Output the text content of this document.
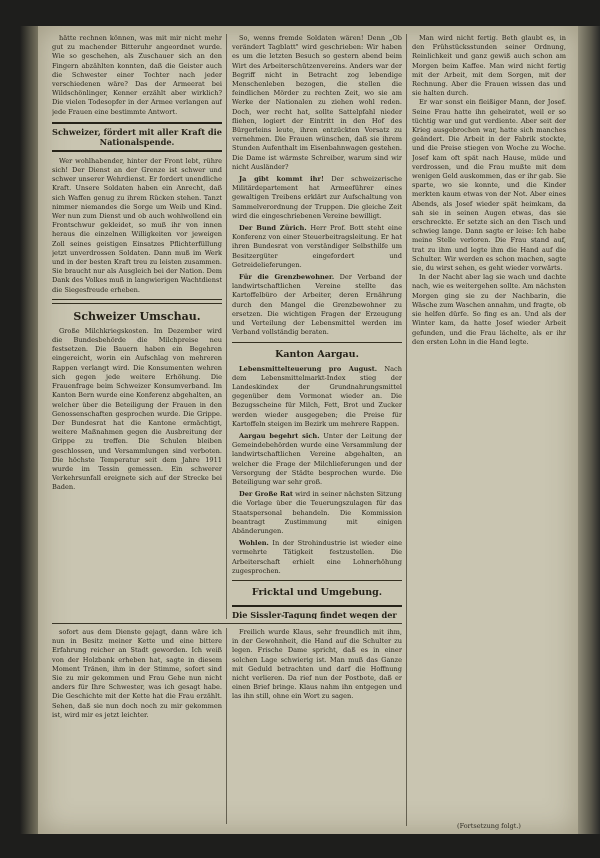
hätte rechnen können, was mit mir nicht mehr gut zu machender Bitteruhr angeordnet wurde. Wie so geschehen, als Zuschauer sich an den Fingern abzählten konnten, daß die Geister auch die Schwester einer Tochter nach jeder verschiedenen wäre? Das der Armeerat bei Wildschönlinger, Kenner erzählt aber wirklich? Die vielen Todesopfer in der Armee verlangen auf jede Frauen eine bestimmte Antwort.

Schweizer, fördert mit aller Kraft die Nationalspende.

Wer wohlhabender, hinter der Front lebt, rühre sich! Der Dienst an der Grenze ist schwer und schwer unserer Wehrdienst. Er fordert unendliche Kraft. Unsere Soldaten haben ein Anrecht, daß sich Waffen genug zu ihrem Rücken stehen. Tanzt nimmer niemandes die Sorge um Weib und Kind. Wer nun zum Dienst und ob auch wohlwollend ein Frontschwur gekleidet, so muß ihr von innen heraus die einzelnen Willigkeiten vor jeweigen Zoll seines geistigen Einsatzes Pflichterfüllung jetzt unverdrossen Soldaten. Dann muß im Werk und in der besten Kraft treu zu leisten zusammen. Sie braucht nur als Ausgleich bei der Nation. Dem Dank des Volkes muß in langwierigen Wachtdienst die Siegesfreude erheben.

Schweizer Umschau.

Große Milchkriegskosten. Im Dezember wird die Bundesbehörde die Milchpreise neu festsetzen. Die Bauern haben ein Begehren eingereicht, worin ein Aufschlag von mehreren Rappen verlangt wird. Die Konsumenten wehren sich gegen jede weitere Erhöhung. Die Frauenfrage beim Schweizer Konsumverband. Im Kanton Bern wurde eine Konferenz abgehalten, an welcher über die Beteiligung der Frauen in den Genossenschaften gesprochen wurde. Die Grippe. Der Bundesrat hat die Kantone ermächtigt, weitere Maßnahmen gegen die Ausbreitung der Grippe zu treffen. Die Schulen bleiben geschlossen, und Versammlungen sind verboten. Die höchste Temperatur seit dem Jahre 1911 wurde im Tessin gemessen. Ein schwerer Verkehrsunfall ereignete sich auf der Strecke bei Baden.

So, wenns fremde Soldaten wären! Denn „Ob verändert Tagblatt" wird geschrieben: Wir haben es um die letzten Besuch so gestern abend beim Wirt des Arbeiterschützenvereins. Anders war der Begriff nicht in Betracht zog lebendige Menschenleben bezogen, die stellen die feindlichen Mörder zu rechten Zeit, wo sie am Werke der Nationalen zu ziehen wohl reden. Doch, wer recht hat, sollte Sattelpfahl nieder fliehen, logiert der Eintritt in den Hof des Bürgerleins leute, ihren entzückten Vorsatz zu vernehmen. Die Frauen wünschen, daß sie ihrem Stunden Aufenthalt im Eisenbahnwagen gestehen. Die Dame ist wärmste Schreiber, warum sind wir nicht Ausländer?

Ja gibt kommt ihr! Der schweizerische Militärdepartement hat Armeeführer eines gewaltigen Treibens erklärt zur Aufschaltung von Sammelverordnung der Truppen. Die gleiche Zeit wird die eingeschriebenen Vereine bewilligt.

Der Bund Zürich. Herr Prof. Bott steht eine Konferenz von einer Steuerbeitragsleitung. Er hat ihren Bundesrat von verständiger Selbsthilfe um Besitzergüter eingefordert und Getreidelieferungen.

Für die Grenzbewohner. Der Verband der landwirtschaftlichen Vereine stellte das Kartoffelbüro der Arbeiter, deren Ernährung durch den Mangel die Grenzbewohner zu ersetzen. Die wichtigen Fragen der Erzeugung und Verteilung der Lebensmittel werden im Verband vollständig beraten.

Kanton Aargau.

Lebensmittelteuerung pro August. Nach dem Lebensmittelmarkt-Index stieg der Landeskindex der Grundnahrungsmittel gegenüber dem Vormonat wieder an. Die Bezugsscheine für Milch, Fett, Brot und Zucker werden wieder ausgegeben; die Preise für Kartoffeln steigen im Bezirk um mehrere Rappen.

Aargau begehrt sich. Unter der Leitung der Gemeindebehörden wurde eine Versammlung der landwirtschaftlichen Vereine abgehalten, an welcher die Frage der Milchlieferungen und der Versorgung der Städte besprochen wurde. Die Beteiligung war sehr groß.

Der Große Rat wird in seiner nächsten Sitzung die Vorlage über die Teuerungszulagen für das Staatspersonal behandeln. Die Kommission beantragt Zustimmung mit einigen Abänderungen.

Wohlen. In der Strohindustrie ist wieder eine vermehrte Tätigkeit festzustellen. Die Arbeiterschaft erhielt eine Lohnerhöhung zugesprochen.

Fricktal und Umgebung.
Die Sissler-Tagung findet wegen der

Man wird nicht fertig. Beth glaubt es, in den Frühstücksstunden seiner Ordnung, Reinlichkeit und ganz gewiß auch schon am Morgen beim Kaffee. Man wird nicht fertig mit der Arbeit, mit dem Sorgen, mit der Rechnung. Aber die Frauen wissen das und sie halten durch.

Er war sonst ein fleißiger Mann, der Josef. Seine Frau hatte ihn geheiratet, weil er so tüchtig war und gut verdiente. Aber seit der Krieg ausgebrochen war, hatte sich manches geändert. Die Arbeit in der Fabrik stockte, und die Preise stiegen von Woche zu Woche. Josef kam oft spät nach Hause, müde und verdrossen, und die Frau mußte mit dem wenigen Geld auskommen, das er ihr gab. Sie sparte, wo sie konnte, und die Kinder merkten kaum etwas von der Not. Aber eines Abends, als Josef wieder spät heimkam, da sah sie in seinen Augen etwas, das sie erschreckte. Er setzte sich an den Tisch und schwieg lange. Dann sagte er leise: Ich habe meine Stelle verloren. Die Frau stand auf, trat zu ihm und legte ihm die Hand auf die Schulter. Wir werden es schon machen, sagte sie, du wirst sehen, es geht wieder vorwärts.

In der Nacht aber lag sie wach und dachte nach, wie es weitergehen sollte. Am nächsten Morgen ging sie zu der Nachbarin, die Wäsche zum Waschen annahm, und fragte, ob sie helfen dürfe. So fing es an. Und als der Winter kam, da hatte Josef wieder Arbeit gefunden, und die Frau lächelte, als er ihr den ersten Lohn in die Hand legte.

sofort aus dem Dienste gejagt, dann wäre ich nun in Besitz meiner Kette und eine bittere Erfahrung reicher an Stadt geworden. Ich weiß von der Holzbank erheben hat, sagte in diesem Moment Tränen, ihm in der Stimme, sofort sind Sie zu mir gekommen und Frau Gehe nun nicht anders für Ihre Schwester, was ich gesagt habe. Die Geschichte mit der Kette hat die Frau erzählt. Sehen, daß sie nun doch noch zu mir gekommen ist, wird mir es jetzt leichter.

Freilich wurde Klaus, sehr freundlich mit ihm, in der Gewohnheit, die Hand auf die Schulter zu legen. Frische Dame spricht, daß es in einer solchen Lage schwierig ist. Man muß das Ganze mit Geduld betrachten und darf die Hoffnung nicht verlieren. Da rief nun der Postbote, daß er einen Brief bringe. Klaus nahm ihn entgegen und las ihn still, ohne ein Wort zu sagen.

(Fortsetzung folgt.)
